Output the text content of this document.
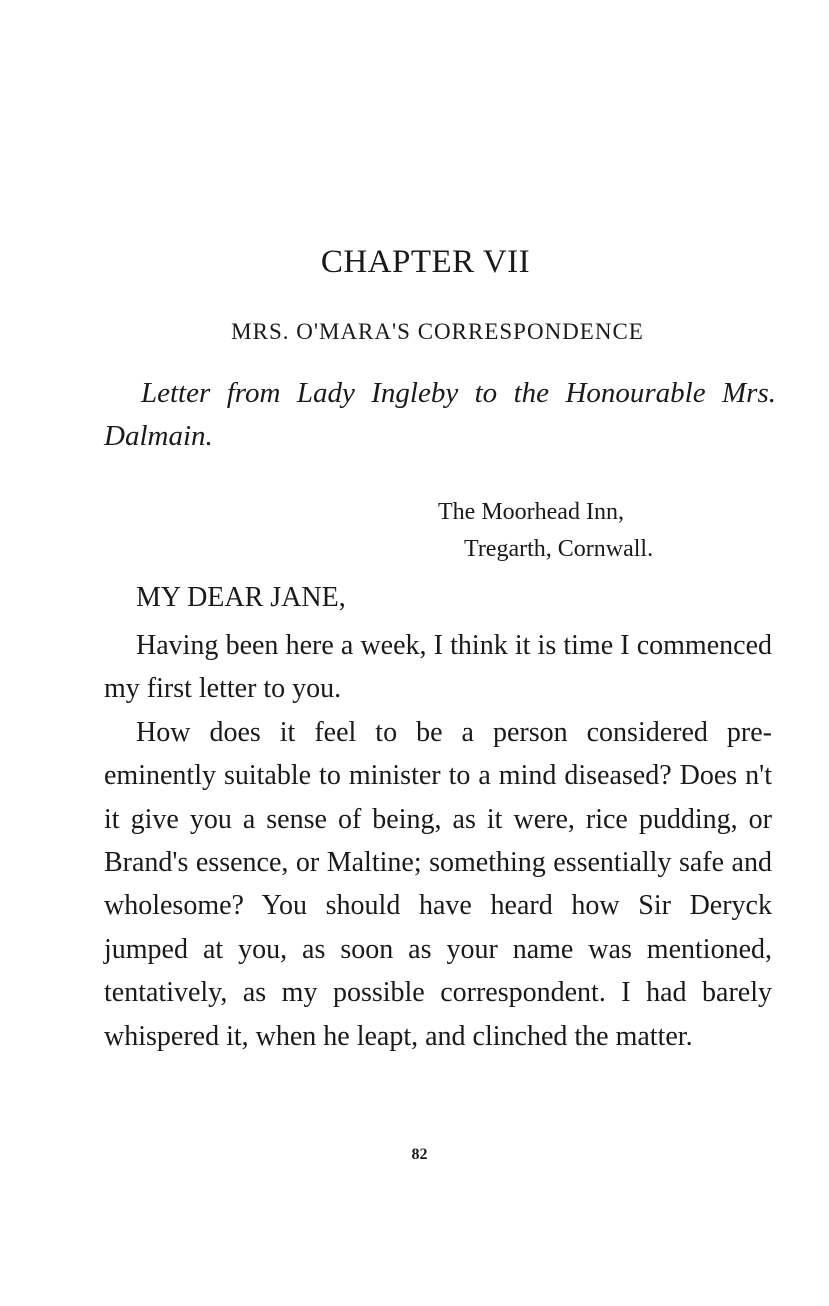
CHAPTER VII
MRS. O'MARA'S CORRESPONDENCE
Letter from Lady Ingleby to the Honourable Mrs. Dalmain.
The Moorhead Inn,
Tregarth, Cornwall.
MY DEAR JANE,

Having been here a week, I think it is time I commenced my first letter to you.

How does it feel to be a person considered pre-eminently suitable to minister to a mind diseased? Does n't it give you a sense of being, as it were, rice pudding, or Brand's essence, or Maltine; something essentially safe and wholesome? You should have heard how Sir Deryck jumped at you, as soon as your name was mentioned, tentatively, as my possible correspondent. I had barely whispered it, when he leapt, and clinched the matter.

82
